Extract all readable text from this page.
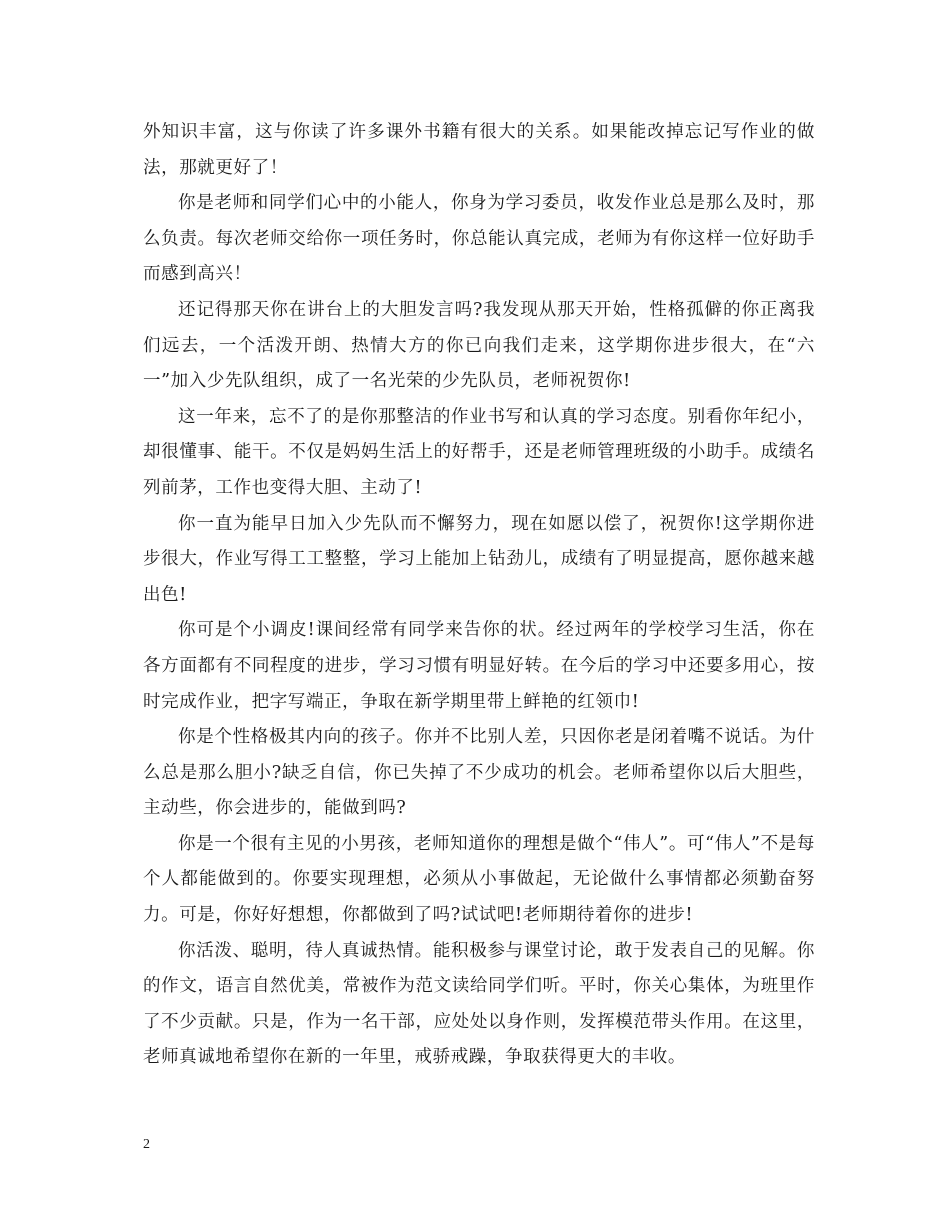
外知识丰富，这与你读了许多课外书籍有很大的关系。如果能改掉忘记写作业的做法，那就更好了！

你是老师和同学们心中的小能人，你身为学习委员，收发作业总是那么及时，那么负责。每次老师交给你一项任务时，你总能认真完成，老师为有你这样一位好助手而感到高兴！

还记得那天你在讲台上的大胆发言吗?我发现从那天开始，性格孤僻的你正离我们远去，一个活泼开朗、热情大方的你已向我们走来，这学期你进步很大，在“六一”加入少先队组织，成了一名光荣的少先队员，老师祝贺你!

这一年来，忘不了的是你那整洁的作业书写和认真的学习态度。别看你年纪小，却很懂事、能干。不仅是妈妈生活上的好帮手，还是老师管理班级的小助手。成绩名列前茅，工作也变得大胆、主动了!

你一直为能早日加入少先队而不懈努力，现在如愿以偿了，祝贺你!这学期你进步很大，作业写得工工整整，学习上能加上钻劲儿，成绩有了明显提高，愿你越来越出色!

你可是个小调皮!课间经常有同学来告你的状。经过两年的学校学习生活，你在各方面都有不同程度的进步，学习习惯有明显好转。在今后的学习中还要多用心，按时完成作业，把字写端正，争取在新学期里带上鲜艳的红领巾!

你是个性格极其内向的孩子。你并不比别人差，只因你老是闭着嘴不说话。为什么总是那么胆小?缺乏自信，你已失掉了不少成功的机会。老师希望你以后大胆些，主动些，你会进步的，能做到吗?

你是一个很有主见的小男孩，老师知道你的理想是做个“伟人”。可“伟人”不是每个人都能做到的。你要实现理想，必须从小事做起，无论做什么事情都必须勤奋努力。可是，你好好想想，你都做到了吗?试试吧!老师期待着你的进步!

你活泼、聪明，待人真诚热情。能积极参与课堂讨论，敢于发表自己的见解。你的作文，语言自然优美，常被作为范文读给同学们听。平时，你关心集体，为班里作了不少贡献。只是，作为一名干部，应处处以身作则，发挥模范带头作用。在这里，老师真诚地希望你在新的一年里，戒骄戒躁，争取获得更大的丰收。

2
